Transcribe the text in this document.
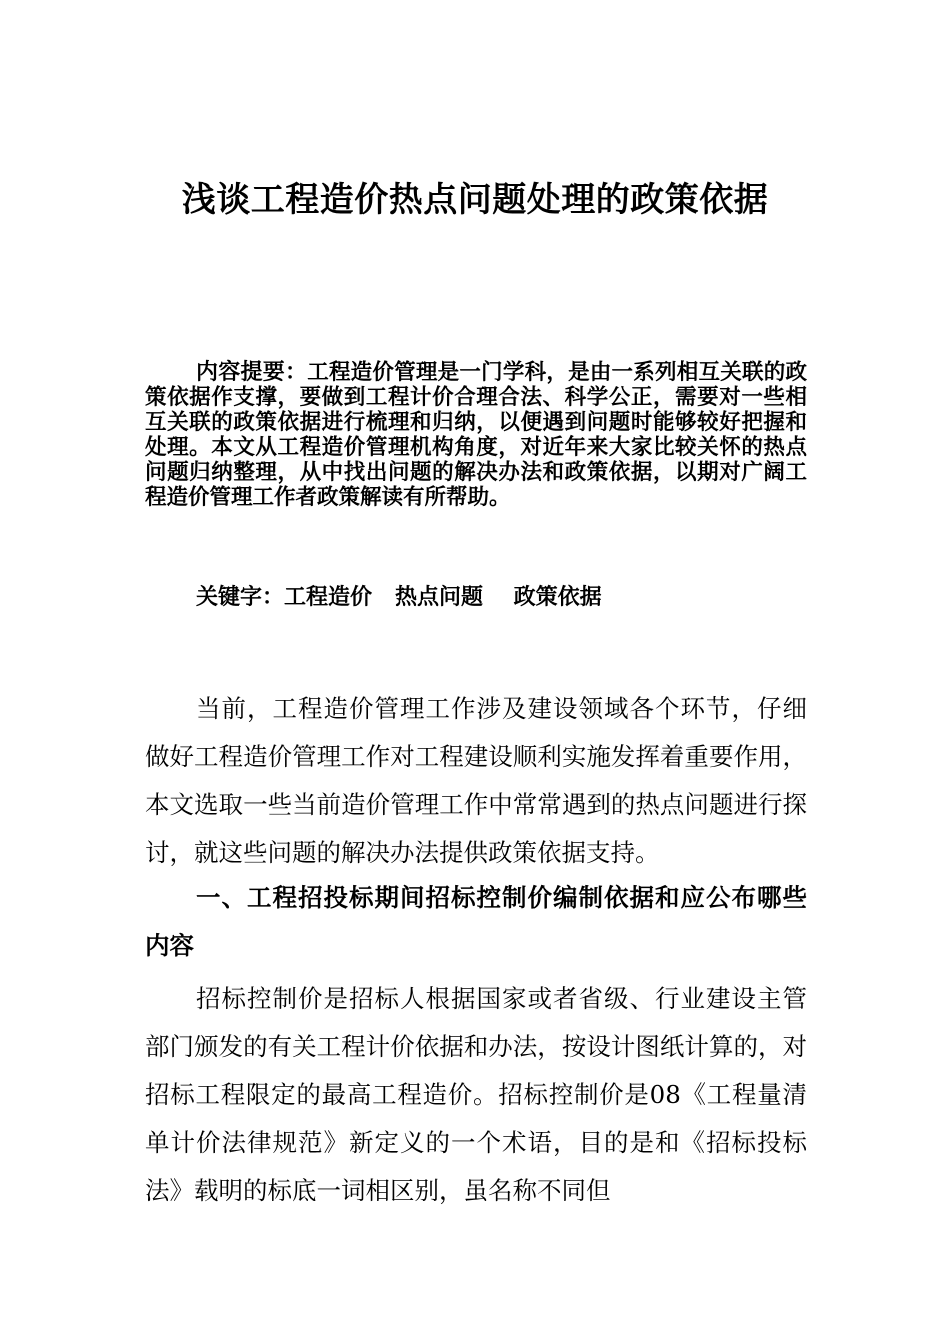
浅谈工程造价热点问题处理的政策依据

内容提要：工程造价管理是一门学科，是由一系列相互关联的政策依据作支撑，要做到工程计价合理合法、科学公正，需要对一些相互关联的政策依据进行梳理和归纳，以便遇到问题时能够较好把握和处理。本文从工程造价管理机构角度，对近年来大家比较关怀的热点问题归纳整理，从中找出问题的解决办法和政策依据，以期对广阔工程造价管理工作者政策解读有所帮助。

关键字：工程造价 热点问题 政策依据

当前，工程造价管理工作涉及建设领域各个环节，仔细做好工程造价管理工作对工程建设顺利实施发挥着重要作用，本文选取一些当前造价管理工作中常常遇到的热点问题进行探讨，就这些问题的解决办法提供政策依据支持。

一、工程招投标期间招标控制价编制依据和应公布哪些内容

招标控制价是招标人根据国家或者省级、行业建设主管部门颁发的有关工程计价依据和办法，按设计图纸计算的，对招标工程限定的最高工程造价。招标控制价是08《工程量清单计价法律规范》新定义的一个术语，目的是和《招标投标法》载明的标底一词相区别，虽名称不同但
